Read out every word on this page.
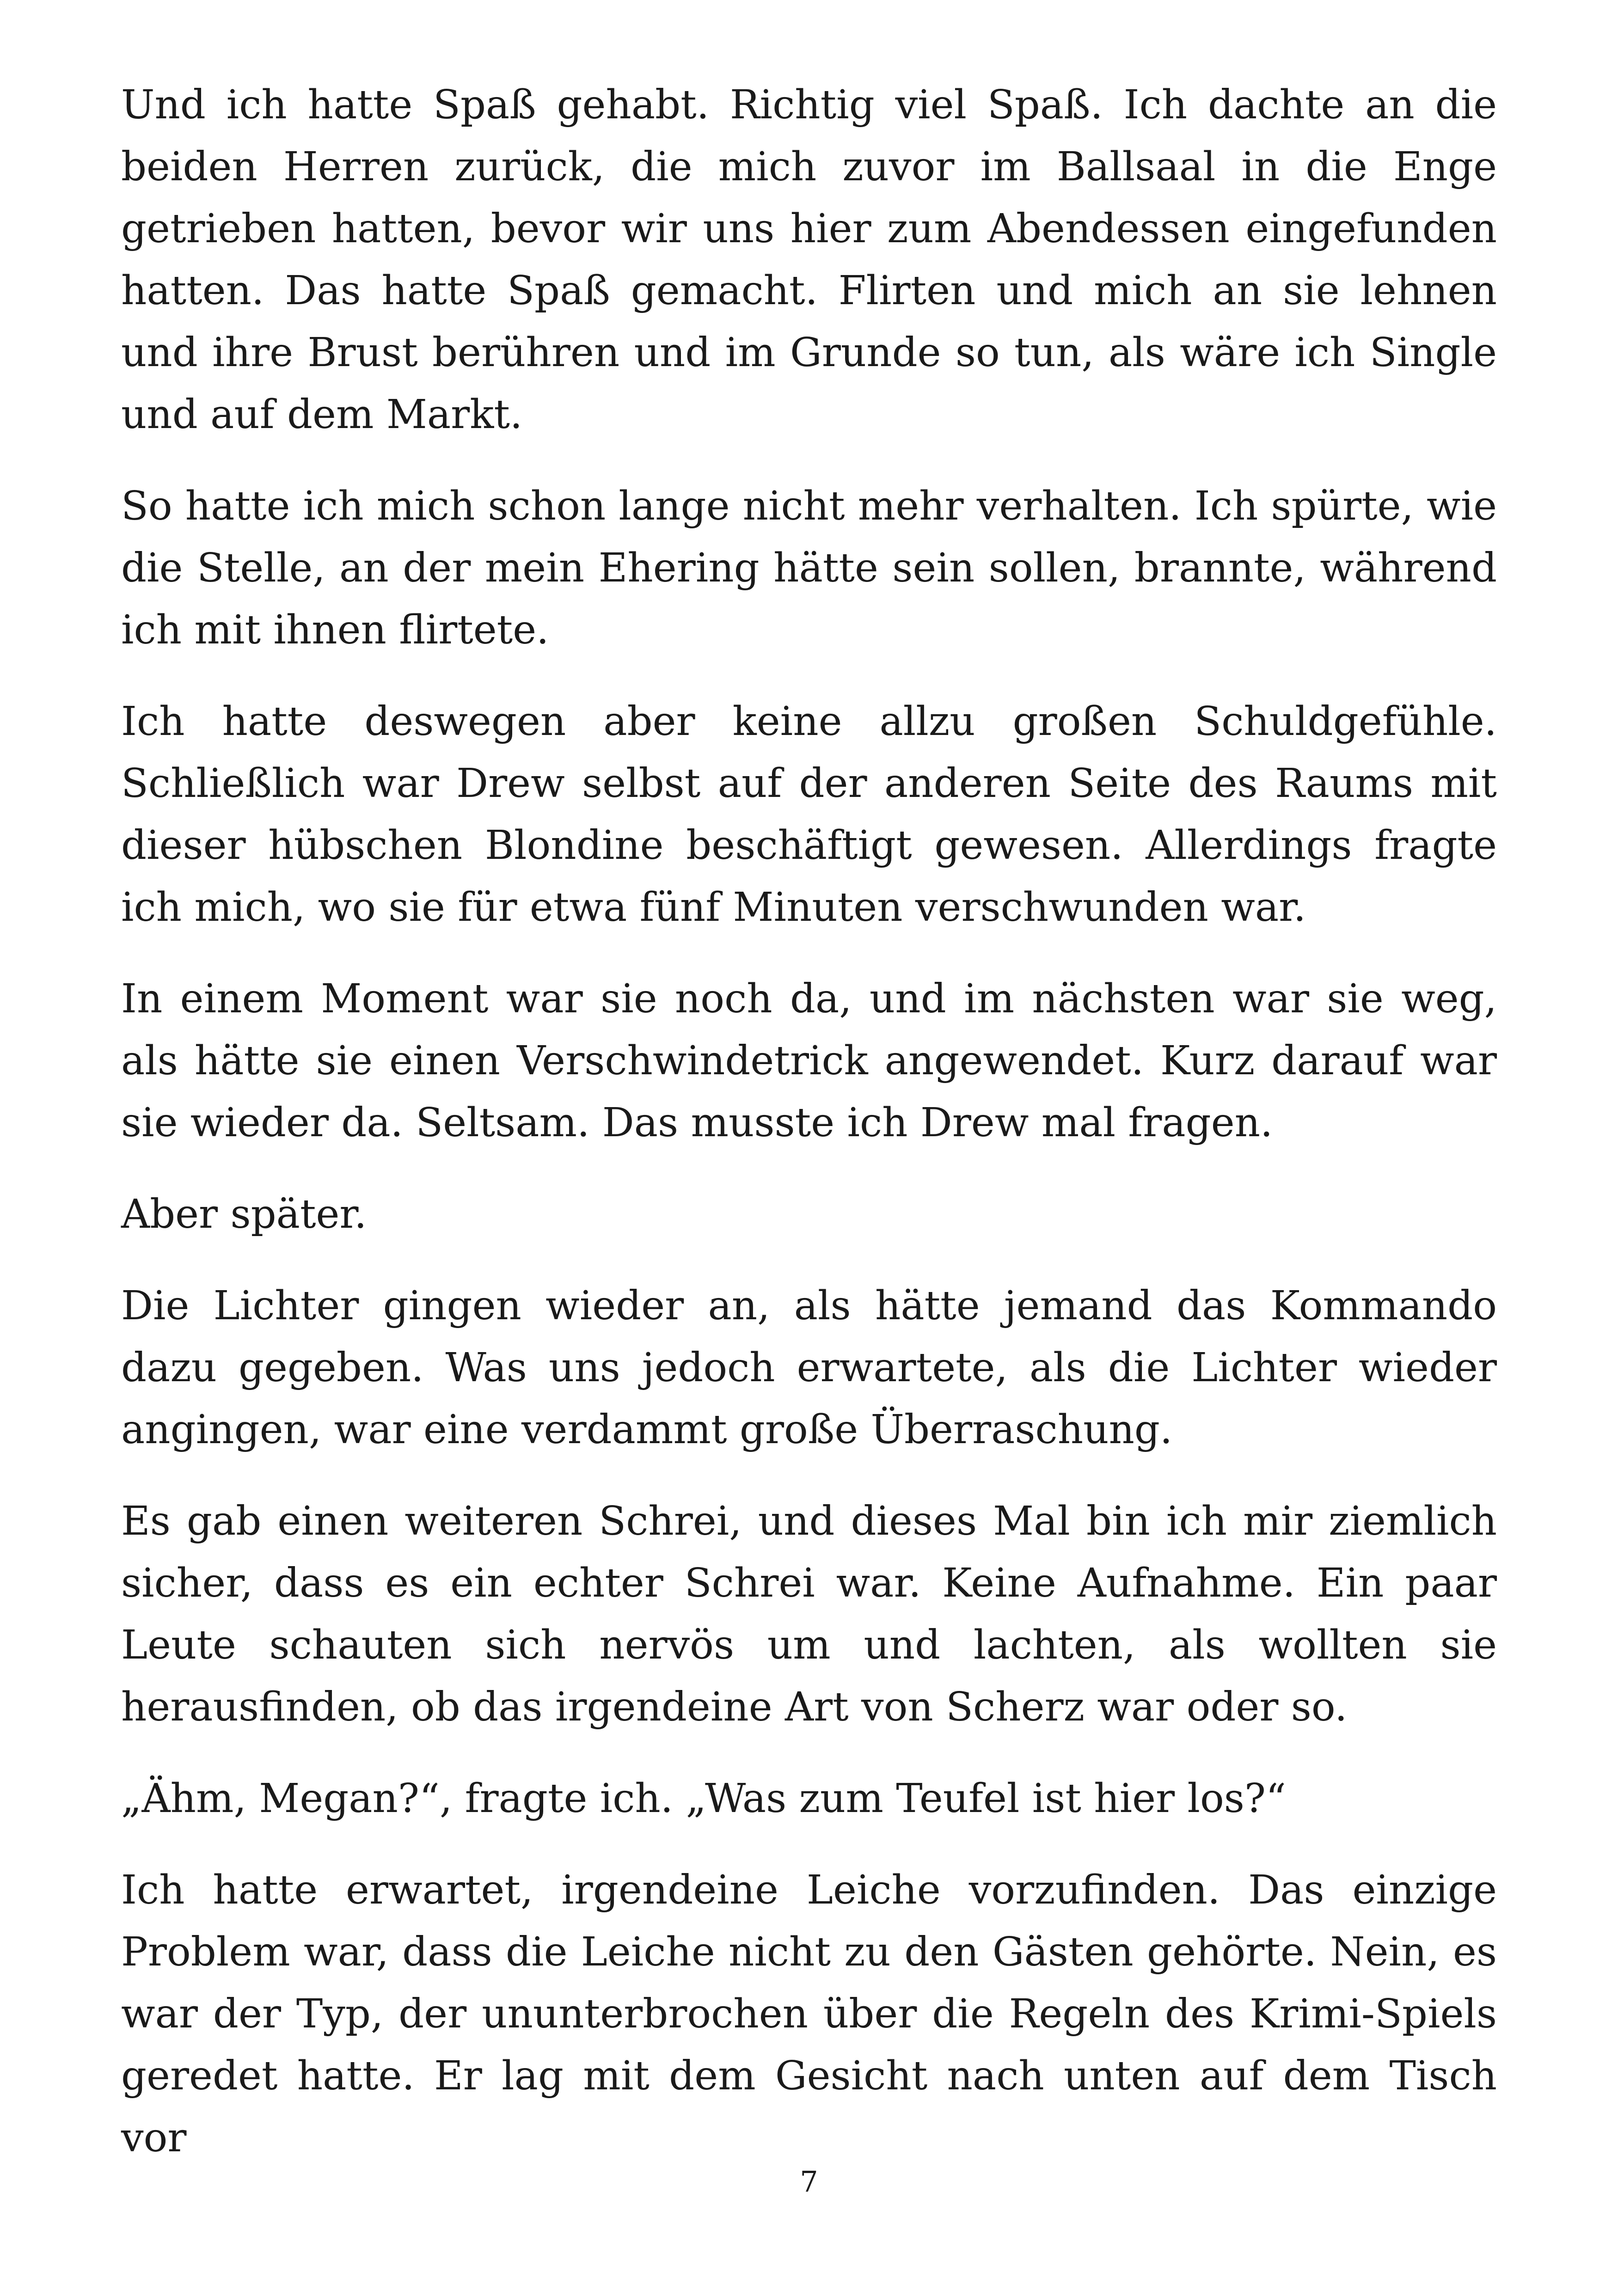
Und ich hatte Spaß gehabt. Richtig viel Spaß. Ich dachte an die beiden Herren zurück, die mich zuvor im Ballsaal in die Enge getrieben hatten, bevor wir uns hier zum Abendessen eingefunden hatten. Das hatte Spaß gemacht. Flirten und mich an sie lehnen und ihre Brust berühren und im Grunde so tun, als wäre ich Single und auf dem Markt.

So hatte ich mich schon lange nicht mehr verhalten. Ich spürte, wie die Stelle, an der mein Ehering hätte sein sollen, brannte, während ich mit ihnen flirtete.

Ich hatte deswegen aber keine allzu großen Schuldgefühle. Schließlich war Drew selbst auf der anderen Seite des Raums mit dieser hübschen Blondine beschäftigt gewesen. Allerdings fragte ich mich, wo sie für etwa fünf Minuten verschwunden war.

In einem Moment war sie noch da, und im nächsten war sie weg, als hätte sie einen Verschwindetrick angewendet. Kurz darauf war sie wieder da. Seltsam. Das musste ich Drew mal fragen.

Aber später.

Die Lichter gingen wieder an, als hätte jemand das Kommando dazu gegeben. Was uns jedoch erwartete, als die Lichter wieder angingen, war eine verdammt große Überraschung.

Es gab einen weiteren Schrei, und dieses Mal bin ich mir ziemlich sicher, dass es ein echter Schrei war. Keine Aufnahme. Ein paar Leute schauten sich nervös um und lachten, als wollten sie herausfinden, ob das irgendeine Art von Scherz war oder so.

„Ähm, Megan?“, fragte ich. „Was zum Teufel ist hier los?“

Ich hatte erwartet, irgendeine Leiche vorzufinden. Das einzige Problem war, dass die Leiche nicht zu den Gästen gehörte. Nein, es war der Typ, der ununterbrochen über die Regeln des Krimi-Spiels geredet hatte. Er lag mit dem Gesicht nach unten auf dem Tisch vor

7
